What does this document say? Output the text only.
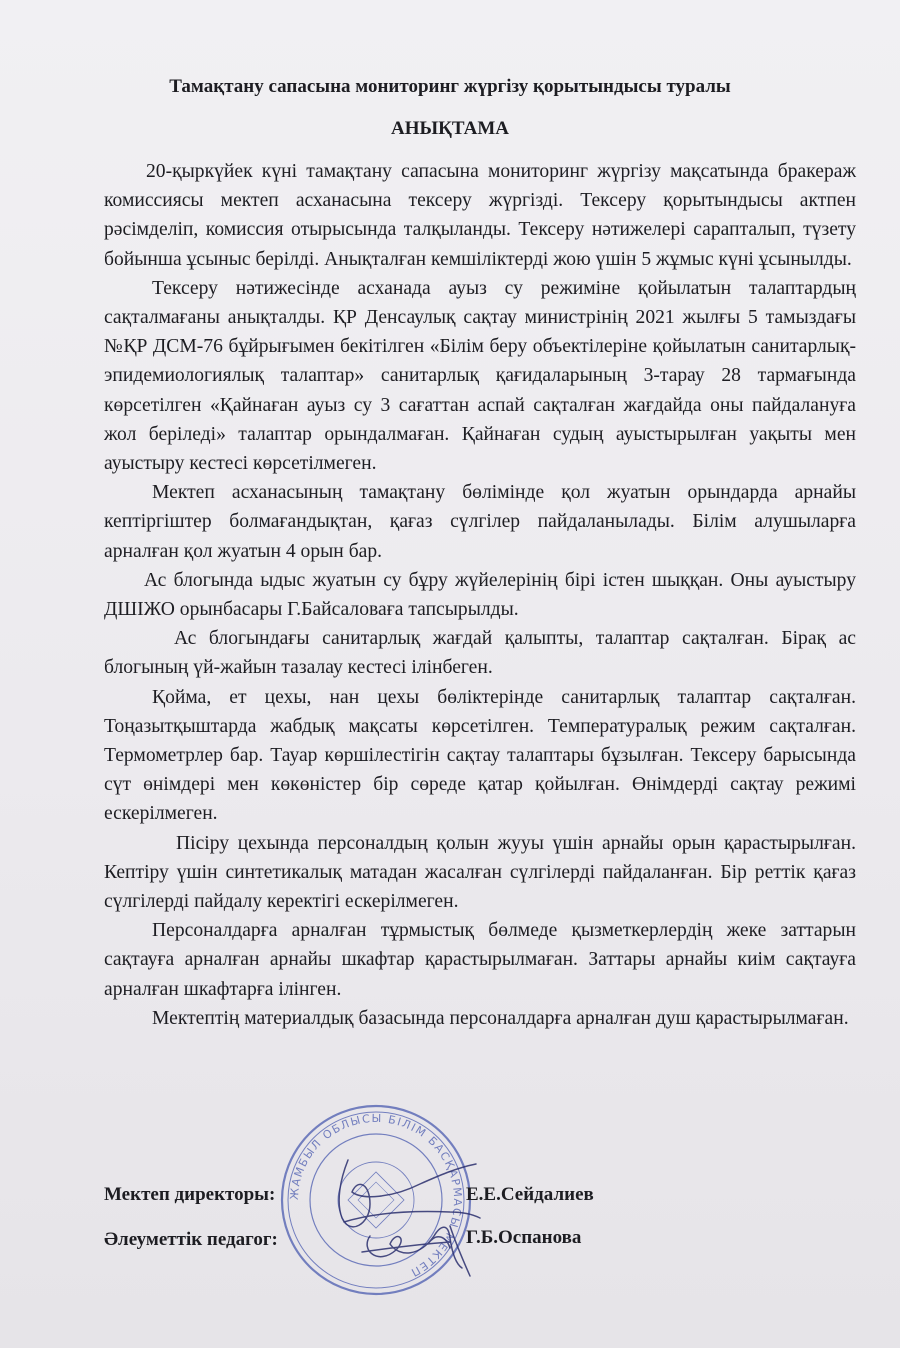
Тамақтану сапасына мониторинг жүргізу қорытындысы туралы
АНЫҚТАМА

20-қыркүйек күні тамақтану сапасына мониторинг жүргізу мақсатында бракераж комиссиясы мектеп асханасына тексеру жүргізді. Тексеру қорытындысы актпен рәсімделіп, комиссия отырысында талқыланды. Тексеру нәтижелері сарапталып, түзету бойынша ұсыныс берілді. Анықталған кемшіліктерді жою үшін 5 жұмыс күні ұсынылды.

Тексеру нәтижесінде асханада ауыз су режиміне қойылатын талаптардың сақталмағаны анықталды. ҚР Денсаулық сақтау министрінің 2021 жылғы 5 тамыздағы №ҚР ДСМ-76 бұйрығымен бекітілген «Білім беру объектілеріне қойылатын санитарлық-эпидемиологиялық талаптар» санитарлық қағидаларының 3-тарау 28 тармағында көрсетілген «Қайнаған ауыз су 3 сағаттан аспай сақталған жағдайда оны пайдалануға жол беріледі» талаптар орындалмаған. Қайнаған судың ауыстырылған уақыты мен ауыстыру кестесі көрсетілмеген.

Мектеп асханасының тамақтану бөлімінде қол жуатын орындарда арнайы кептіргіштер болмағандықтан, қағаз сүлгілер пайдаланылады. Білім алушыларға арналған қол жуатын 4 орын бар.

Ас блогында ыдыс жуатын су бұру жүйелерінің бірі істен шыққан. Оны ауыстыру ДШІЖО орынбасары Г.Байсаловаға тапсырылды.

Ас блогындағы санитарлық жағдай қалыпты, талаптар сақталған. Бірақ ас блогының үй-жайын тазалау кестесі ілінбеген.

Қойма, ет цехы, нан цехы бөліктерінде санитарлық талаптар сақталған. Тоңазытқыштарда жабдық мақсаты көрсетілген. Температуралық режим сақталған. Термометрлер бар. Тауар көршілестігін сақтау талаптары бұзылған. Тексеру барысында сүт өнімдері мен көкөністер бір сөреде қатар қойылған. Өнімдерді сақтау режимі ескерілмеген.

Пісіру цехында персоналдың қолын жууы үшін арнайы орын қарастырылған. Кептіру үшін синтетикалық матадан жасалған сүлгілерді пайдаланған. Бір реттік қағаз сүлгілерді пайдалу керектігі ескерілмеген.

Персоналдарға арналған тұрмыстық бөлмеде қызметкерлердің жеке заттарын сақтауға арналған арнайы шкафтар қарастырылмаған. Заттары арнайы киім сақтауға арналған шкафтарға ілінген.

Мектептің материалдық базасында персоналдарға арналған душ қарастырылмаған.

ЖАМБЫЛ ОБЛЫСЫ БІЛІМ БАСҚАРМАСЫ МЕКТЕП
Мектеп директоры:	Е.Е.Сейдалиев
Әлеуметтік педагог:	Г.Б.Оспанова
